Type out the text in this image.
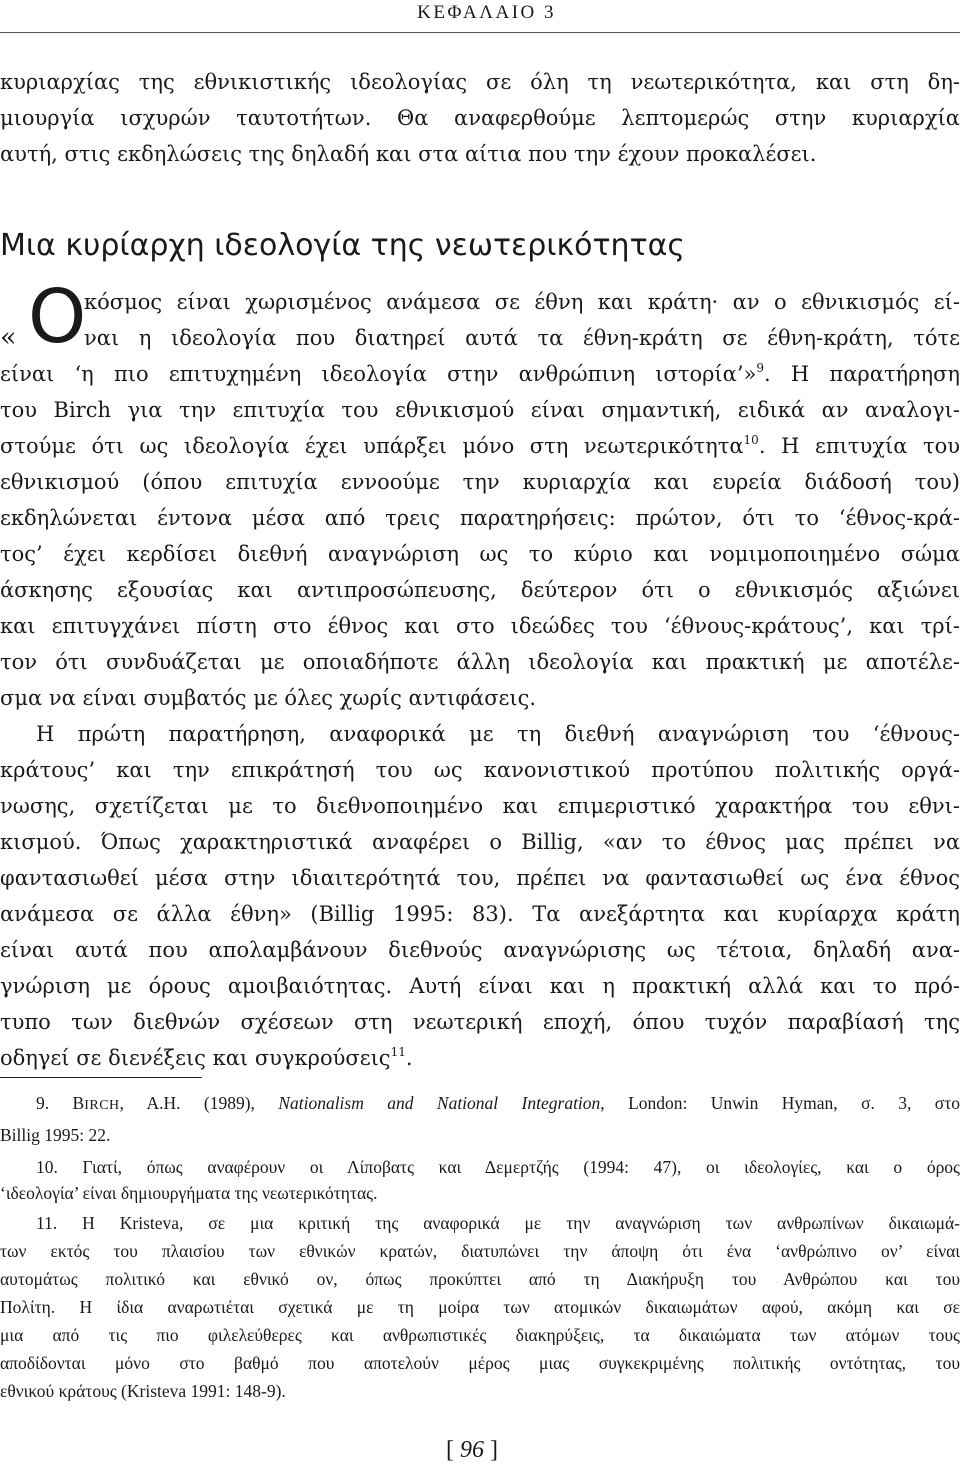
ΚΕΦΑΛΑΙΟ 3

κυριαρχίας της εθνικιστικής ιδεολογίας σε όλη τη νεωτερικότητα, και στη δη-

μιουργία ισχυρών ταυτοτήτων. Θα αναφερθούμε λεπτομερώς στην κυριαρχία

αυτή, στις εκδηλώσεις της δηλαδή και στα αίτια που την έχουν προκαλέσει.

Μια κυρίαρχη ιδεολογία της νεωτερικότητας
« Ο

κόσμος είναι χωρισμένος ανάμεσα σε έθνη και κράτη· αν ο εθνικισμός εί-

ναι η ιδεολογία που διατηρεί αυτά τα έθνη-κράτη σε έθνη-κράτη, τότε

είναι ‘η πιο επιτυχημένη ιδεολογία στην ανθρώπινη ιστορία’»$^9$. Η παρατήρηση

του Birch για την επιτυχία του εθνικισμού είναι σημαντική, ειδικά αν αναλογι-

στούμε ότι ως ιδεολογία έχει υπάρξει μόνο στη νεωτερικότητα$^{10}$. Η επιτυχία του

εθνικισμού (όπου επιτυχία εννοούμε την κυριαρχία και ευρεία διάδοσή του)

εκδηλώνεται έντονα μέσα από τρεις παρατηρήσεις: πρώτον, ότι το ‘έθνος-κρά-

τος’ έχει κερδίσει διεθνή αναγνώριση ως το κύριο και νομιμοποιημένο σώμα

άσκησης εξουσίας και αντιπροσώπευσης, δεύτερον ότι ο εθνικισμός αξιώνει

και επιτυγχάνει πίστη στο έθνος και στο ιδεώδες του ‘έθνους-κράτους’, και τρί-

τον ότι συνδυάζεται με οποιαδήποτε άλλη ιδεολογία και πρακτική με αποτέλε-

σμα να είναι συμβατός με όλες χωρίς αντιφάσεις.

Η πρώτη παρατήρηση, αναφορικά με τη διεθνή αναγνώριση του ‘έθνους-

κράτους’ και την επικράτησή του ως κανονιστικού προτύπου πολιτικής οργά-

νωσης, σχετίζεται με το διεθνοποιημένο και επιμεριστικό χαρακτήρα του εθνι-

κισμού. Όπως χαρακτηριστικά αναφέρει ο Billig, «αν το έθνος μας πρέπει να

φαντασιωθεί μέσα στην ιδιαιτερότητά του, πρέπει να φαντασιωθεί ως ένα έθνος

ανάμεσα σε άλλα έθνη» (Billig 1995: 83). Τα ανεξάρτητα και κυρίαρχα κράτη

είναι αυτά που απολαμβάνουν διεθνούς αναγνώρισης ως τέτοια, δηλαδή ανα-

γνώριση με όρους αμοιβαιότητας. Αυτή είναι και η πρακτική αλλά και το πρό-

τυπο των διεθνών σχέσεων στη νεωτερική εποχή, όπου τυχόν παραβίασή της

οδηγεί σε διενέξεις και συγκρούσεις$^{11}$.

9. BIRCH, A.H. (1989), Nationalism and National Integration, London: Unwin Hyman, σ. 3, στο

Billig 1995: 22.

10. Γιατί, όπως αναφέρουν οι Λίποβατς και Δεμερτζής (1994: 47), οι ιδεολογίες, και ο όρος

‘ιδεολογία’ είναι δημιουργήματα της νεωτερικότητας.

11. Η Kristeva, σε μια κριτική της αναφορικά με την αναγνώριση των ανθρωπίνων δικαιωμά-

των εκτός του πλαισίου των εθνικών κρατών, διατυπώνει την άποψη ότι ένα ‘ανθρώπινο ον’ είναι

αυτομάτως πολιτικό και εθνικό ον, όπως προκύπτει από τη Διακήρυξη του Ανθρώπου και του

Πολίτη. Η ίδια αναρωτιέται σχετικά με τη μοίρα των ατομικών δικαιωμάτων αφού, ακόμη και σε

μια από τις πιο φιλελεύθερες και ανθρωπιστικές διακηρύξεις, τα δικαιώματα των ατόμων τους

αποδίδονται μόνο στο βαθμό που αποτελούν μέρος μιας συγκεκριμένης πολιτικής οντότητας, του

εθνικού κράτους (Kristeva 1991: 148-9).

[ 96 ]
